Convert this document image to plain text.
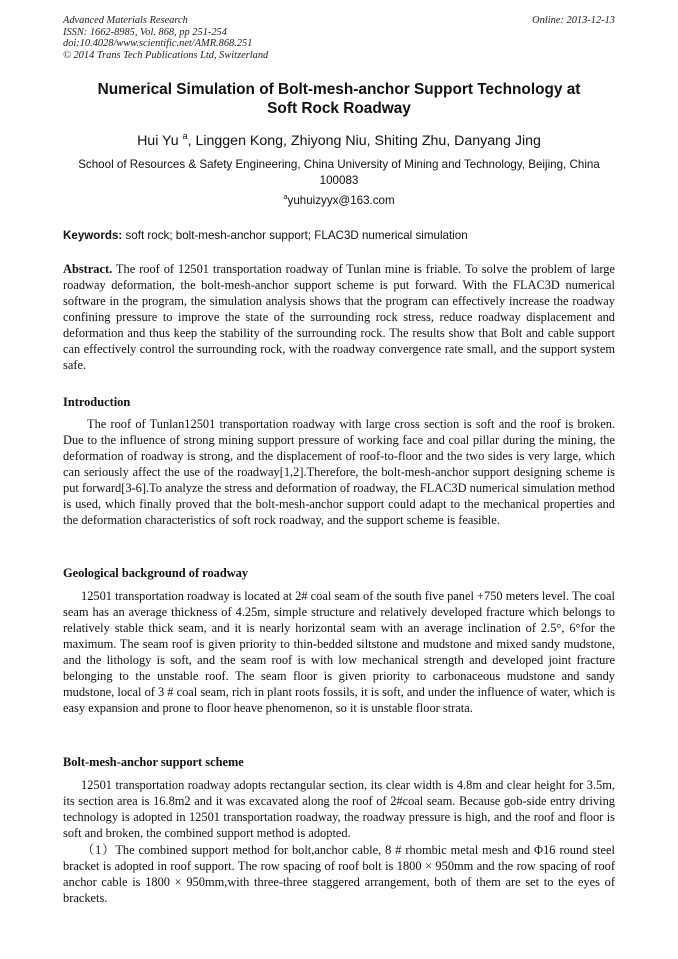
Advanced Materials Research
ISSN: 1662-8985, Vol. 868, pp 251-254
doi:10.4028/www.scientific.net/AMR.868.251
© 2014 Trans Tech Publications Ltd, Switzerland
Online: 2013-12-13
Numerical Simulation of Bolt-mesh-anchor Support Technology at
Soft Rock Roadway
Hui Yu $^a$, Linggen Kong, Zhiyong Niu, Shiting Zhu, Danyang Jing
School of Resources & Safety Engineering, China University of Mining and Technology, Beijing, China 100083
$^a$yuhuizyyx@163.com
Keywords: soft rock; bolt-mesh-anchor support; FLAC3D numerical simulation
Abstract. The roof of 12501 transportation roadway of Tunlan mine is friable. To solve the problem of large roadway deformation, the bolt-mesh-anchor support scheme is put forward. With the FLAC3D numerical software in the program, the simulation analysis shows that the program can effectively increase the roadway confining pressure to improve the state of the surrounding rock stress, reduce roadway displacement and deformation and thus keep the stability of the surrounding rock. The results show that Bolt and cable support can effectively control the surrounding rock, with the roadway convergence rate small, and the support system safe.
Introduction
The roof of Tunlan12501 transportation roadway with large cross section is soft and the roof is broken. Due to the influence of strong mining support pressure of working face and coal pillar during the mining, the deformation of roadway is strong, and the displacement of roof-to-floor and the two sides is very large, which can seriously affect the use of the roadway[1,2].Therefore, the bolt-mesh-anchor support designing scheme is put forward[3-6].To analyze the stress and deformation of roadway, the FLAC3D numerical simulation method is used, which finally proved that the bolt-mesh-anchor support could adapt to the mechanical properties and the deformation characteristics of soft rock roadway, and the support scheme is feasible.
Geological background of roadway
12501 transportation roadway is located at 2# coal seam of the south five panel +750 meters level. The coal seam has an average thickness of 4.25m, simple structure and relatively developed fracture which belongs to relatively stable thick seam, and it is nearly horizontal seam with an average inclination of 2.5°, 6°for the maximum. The seam roof is given priority to thin-bedded siltstone and mudstone and mixed sandy mudstone, and the lithology is soft, and the seam roof is with low mechanical strength and developed joint fracture belonging to the unstable roof. The seam floor is given priority to carbonaceous mudstone and sandy mudstone, local of 3 # coal seam, rich in plant roots fossils, it is soft, and under the influence of water, which is easy expansion and prone to floor heave phenomenon, so it is unstable floor strata.
Bolt-mesh-anchor support scheme
12501 transportation roadway adopts rectangular section, its clear width is 4.8m and clear height for 3.5m, its section area is 16.8m2 and it was excavated along the roof of 2#coal seam. Because gob-side entry driving technology is adopted in 12501 transportation roadway, the roadway pressure is high, and the roof and floor is soft and broken, the combined support method is adopted.
（1）The combined support method for bolt,anchor cable, 8 # rhombic metal mesh and Φ16 round steel bracket is adopted in roof support. The row spacing of roof bolt is 1800 × 950mm and the row spacing of roof anchor cable is 1800 × 950mm,with three-three staggered arrangement, both of them are set to the eyes of brackets.
